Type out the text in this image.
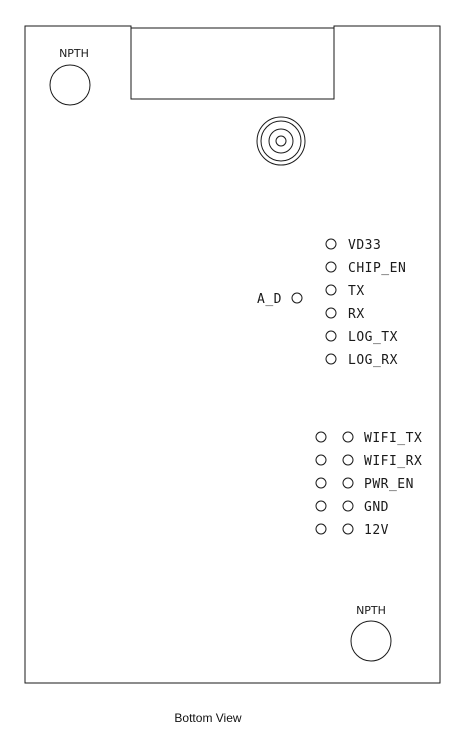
NPTH
A_D
VD33
CHIP_EN
TX
RX
LOG_TX
LOG_RX
WIFI_TX
WIFI_RX
PWR_EN
GND
12V
NPTH
Bottom View
